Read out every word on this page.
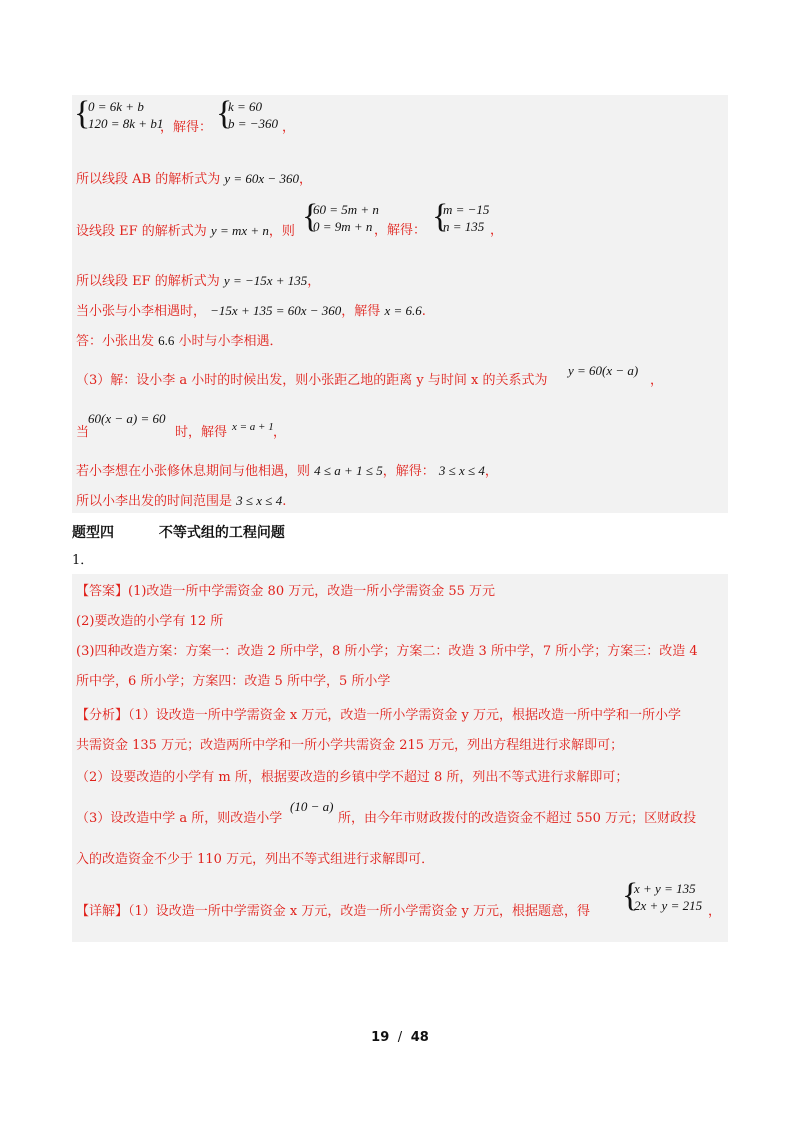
{
0 = 6k + b
120 = 8k + b1
，解得： {
k = 60
b = −360 ，
所以线段 AB 的解析式为 y = 60x − 360，
设线段 EF 的解析式为 y = mx + n，则 {
60 = 5m + n
0 = 9m + n ，解得： {
m = −15
n = 135 ，
所以线段 EF 的解析式为 y = −15x + 135，
当小张与小李相遇时， −15x + 135 = 60x − 360，解得 x = 6.6.
答：小张出发 6.6 小时与小李相遇．
（3）解：设小李 a 小时的时候出发，则小张距乙地的距离 y 与时间 x 的关系式为
y = 60(x − a)
，
当
60(x − a) = 60
时，解得 x = a + 1 ，
若小李想在小张修休息期间与他相遇，则 4 ≤ a + 1 ≤ 5，解得： 3 ≤ x ≤ 4，
所以小李出发的时间范围是 3 ≤ x ≤ 4.
题型四	不等式组的工程问题
1．
【答案】(1)改造一所中学需资金 80 万元，改造一所小学需资金 55 万元
(2)要改造的小学有 12 所
(3)四种改造方案：方案一：改造 2 所中学，8 所小学；方案二：改造 3 所中学，7 所小学；方案三：改造 4
所中学，6 所小学；方案四：改造 5 所中学，5 所小学
【分析】（1）设改造一所中学需资金 x 万元，改造一所小学需资金 y 万元，根据改造一所中学和一所小学
共需资金 135 万元；改造两所中学和一所小学共需资金 215 万元，列出方程组进行求解即可；
（2）设要改造的小学有 m 所，根据要改造的乡镇中学不超过 8 所，列出不等式进行求解即可；
（3）设改造中学 a 所，则改造小学
(10 − a)
所，由今年市财政拨付的改造资金不超过 550 万元；区财政投
入的改造资金不少于 110 万元，列出不等式组进行求解即可．
【详解】（1）设改造一所中学需资金 x 万元，改造一所小学需资金 y 万元，根据题意，得 {
x + y = 135
2x + y = 215 ，
19 / 48
